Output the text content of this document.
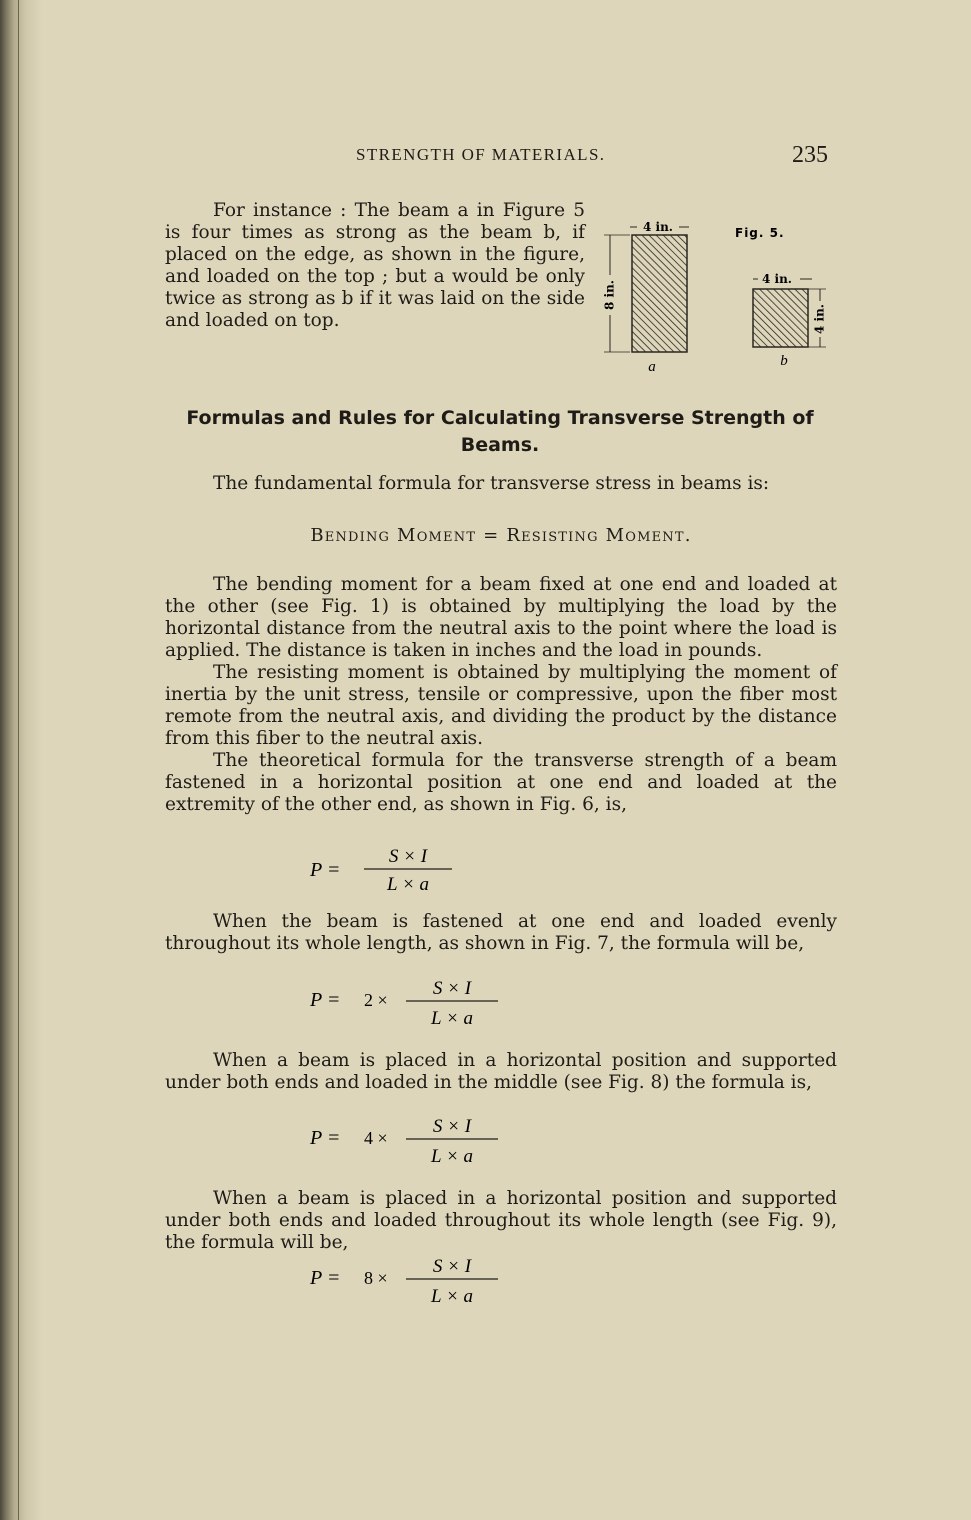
STRENGTH OF MATERIALS.	235

For instance : The beam a in Figure 5 is four times as strong as the beam b, if placed on the edge, as shown in the figure, and loaded on the top ; but a would be only twice as strong as b if it was laid on the side and loaded on top.

4 in.
8 in.
a
Fig. 5.
4 in.
4 in.
b
Formulas and Rules for Calculating Transverse Strength of Beams.

The fundamental formula for transverse stress in beams is:

Bending Moment = Resisting Moment.

The bending moment for a beam fixed at one end and loaded at the other (see Fig. 1) is obtained by multiplying the load by the horizontal distance from the neutral axis to the point where the load is applied. The distance is taken in inches and the load in pounds.

The resisting moment is obtained by multiplying the moment of inertia by the unit stress, tensile or compressive, upon the fiber most remote from the neutral axis, and dividing the product by the distance from this fiber to the neutral axis.

The theoretical formula for the transverse strength of a beam fastened in a horizontal position at one end and loaded at the extremity of the other end, as shown in Fig. 6, is,

P =
S × I
L × a

When the beam is fastened at one end and loaded evenly throughout its whole length, as shown in Fig. 7, the formula will be,

P = 2 ×
S × I
L × a

When a beam is placed in a horizontal position and supported under both ends and loaded in the middle (see Fig. 8) the formula is,

P = 4 ×
S × I
L × a

When a beam is placed in a horizontal position and supported under both ends and loaded throughout its whole length (see Fig. 9), the formula will be,

P = 8 ×
S × I
L × a
